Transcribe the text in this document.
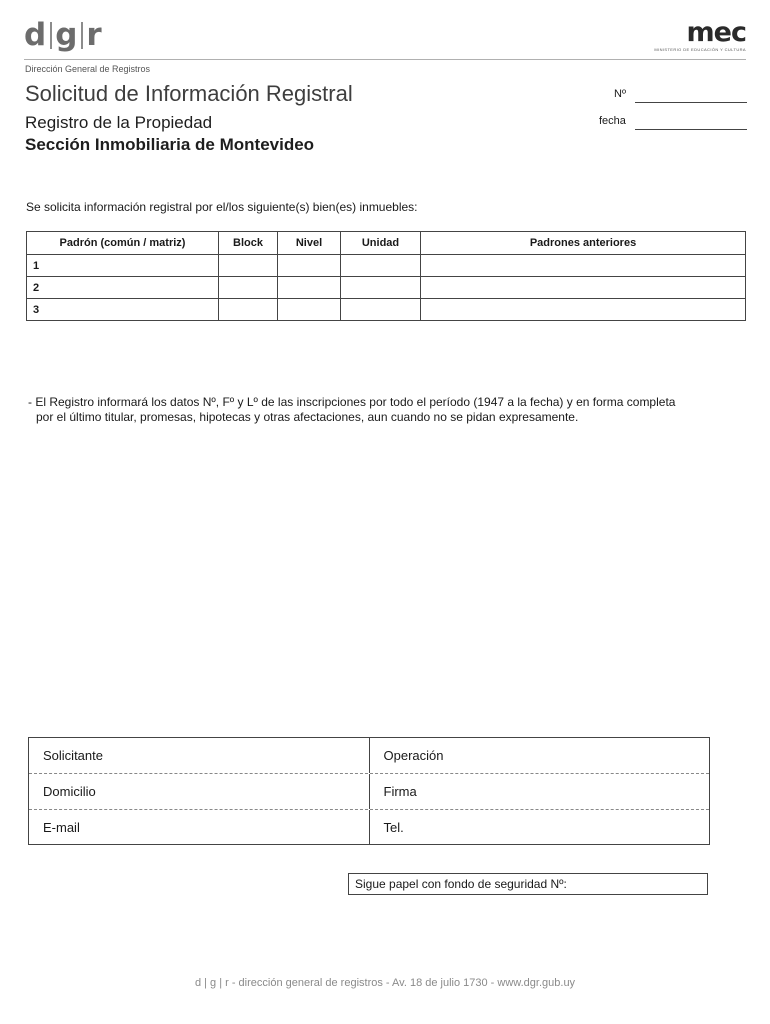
d g r	mec
MINISTERIO DE EDUCACIÓN Y CULTURA
Dirección General de Registros
Solicitud de Información Registral
Registro de la Propiedad
Sección Inmobiliaria de Montevideo
Nº
fecha
Se solicita información registral por el/los siguiente(s) bien(es) inmuebles:
Padrón (común / matriz)	Block	Nivel	Unidad	Padrones anteriores
1				
2				
3				
- El Registro informará los datos Nº, Fº y Lº de las inscripciones por todo el período (1947 a la fecha) y en forma completa
por el último titular, promesas, hipotecas y otras afectaciones, aun cuando no se pidan expresamente.
Solicitante	Operación
Domicilio	Firma
E-mail	Tel.
Sigue papel con fondo de seguridad Nº:
d | g | r - dirección general de registros - Av. 18 de julio 1730 - www.dgr.gub.uy
